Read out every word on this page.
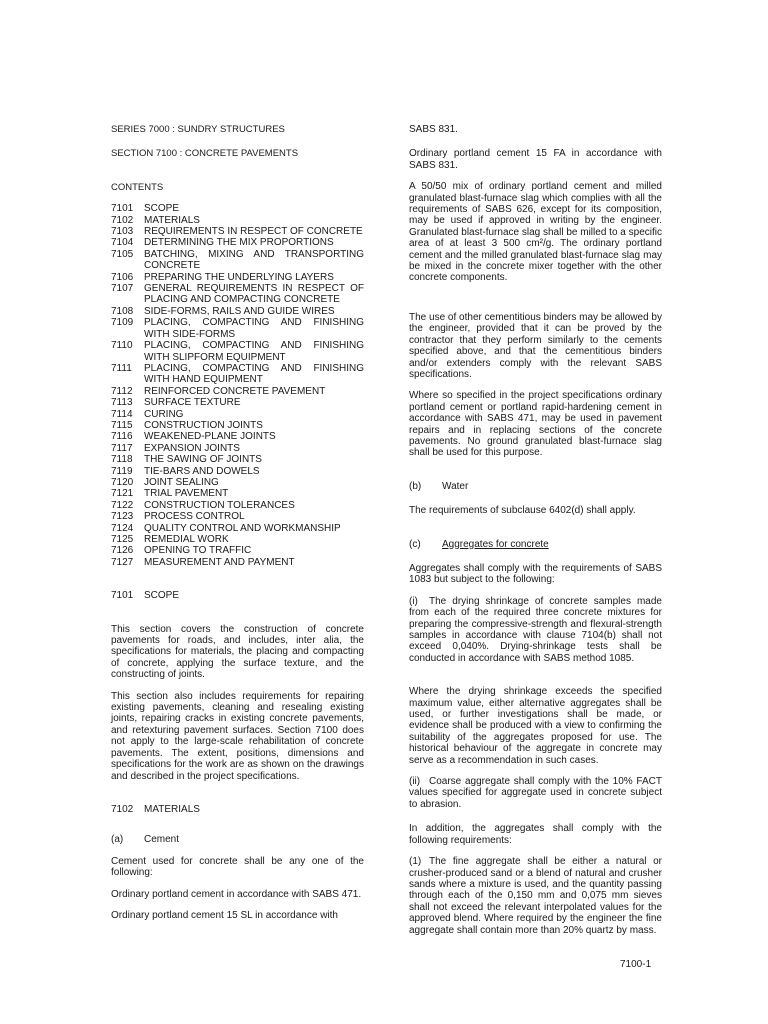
SERIES 7000 : SUNDRY STRUCTURES

SECTION 7100 : CONCRETE PAVEMENTS

CONTENTS

7101	SCOPE
7102	MATERIALS
7103	REQUIREMENTS IN RESPECT OF CONCRETE
7104	DETERMINING THE MIX PROPORTIONS
7105	BATCHING, MIXING AND TRANSPORTING CONCRETE
7106	PREPARING THE UNDERLYING LAYERS
7107	GENERAL REQUIREMENTS IN RESPECT OF PLACING AND COMPACTING CONCRETE
7108	SIDE-FORMS, RAILS AND GUIDE WIRES
7109	PLACING, COMPACTING AND FINISHING WITH SIDE-FORMS
7110	PLACING, COMPACTING AND FINISHING WITH SLIPFORM EQUIPMENT
7111	PLACING, COMPACTING AND FINISHING WITH HAND EQUIPMENT
7112	REINFORCED CONCRETE PAVEMENT
7113	SURFACE TEXTURE
7114	CURING
7115	CONSTRUCTION JOINTS
7116	WEAKENED-PLANE JOINTS
7117	EXPANSION JOINTS
7118	THE SAWING OF JOINTS
7119	TIE-BARS AND DOWELS
7120	JOINT SEALING
7121	TRIAL PAVEMENT
7122	CONSTRUCTION TOLERANCES
7123	PROCESS CONTROL
7124	QUALITY CONTROL AND WORKMANSHIP
7125	REMEDIAL WORK
7126	OPENING TO TRAFFIC
7127	MEASUREMENT AND PAYMENT
7101	SCOPE

This section covers the construction of concrete pavements for roads, and includes, inter alia, the specifications for materials, the placing and compacting of concrete, applying the surface texture, and the constructing of joints.

This section also includes requirements for repairing existing pavements, cleaning and resealing existing joints, repairing cracks in existing concrete pavements, and retexturing pavement surfaces. Section 7100 does not apply to the large-scale rehabilitation of concrete pavements. The extent, positions, dimensions and specifications for the work are as shown on the drawings and described in the project specifications.

7102	MATERIALS
(a)	Cement

Cement used for concrete shall be any one of the following:

Ordinary portland cement in accordance with SABS 471.

Ordinary portland cement 15 SL in accordance with

SABS 831.

Ordinary portland cement 15 FA in accordance with SABS 831.

A 50/50 mix of ordinary portland cement and milled granulated blast-furnace slag which complies with all the requirements of SABS 626, except for its composition, may be used if approved in writing by the engineer. Granulated blast-furnace slag shall be milled to a specific area of at least 3 500 cm²/g. The ordinary portland cement and the milled granulated blast-furnace slag may be mixed in the concrete mixer together with the other concrete components.

The use of other cementitious binders may be allowed by the engineer, provided that it can be proved by the contractor that they perform similarly to the cements specified above, and that the cementitious binders and/or extenders comply with the relevant SABS specifications.

Where so specified in the project specifications ordinary portland cement or portland rapid-hardening cement in accordance with SABS 471, may be used in pavement repairs and in replacing sections of the concrete pavements. No ground granulated blast-furnace slag shall be used for this purpose.

(b)	Water

The requirements of subclause 6402(d) shall apply.

(c)	Aggregates for concrete

Aggregates shall comply with the requirements of SABS 1083 but subject to the following:

(i) The drying shrinkage of concrete samples made from each of the required three concrete mixtures for preparing the compressive-strength and flexural-strength samples in accordance with clause 7104(b) shall not exceed 0,040%. Drying-shrinkage tests shall be conducted in accordance with SABS method 1085.

Where the drying shrinkage exceeds the specified maximum value, either alternative aggregates shall be used, or further investigations shall be made, or evidence shall be produced with a view to confirming the suitability of the aggregates proposed for use. The historical behaviour of the aggregate in concrete may serve as a recommendation in such cases.

(ii) Coarse aggregate shall comply with the 10% FACT values specified for aggregate used in concrete subject to abrasion.

In addition, the aggregates shall comply with the following requirements:

(1) The fine aggregate shall be either a natural or crusher-produced sand or a blend of natural and crusher sands where a mixture is used, and the quantity passing through each of the 0,150 mm and 0,075 mm sieves shall not exceed the relevant interpolated values for the approved blend. Where required by the engineer the fine aggregate shall contain more than 20% quartz by mass.

7100-1
